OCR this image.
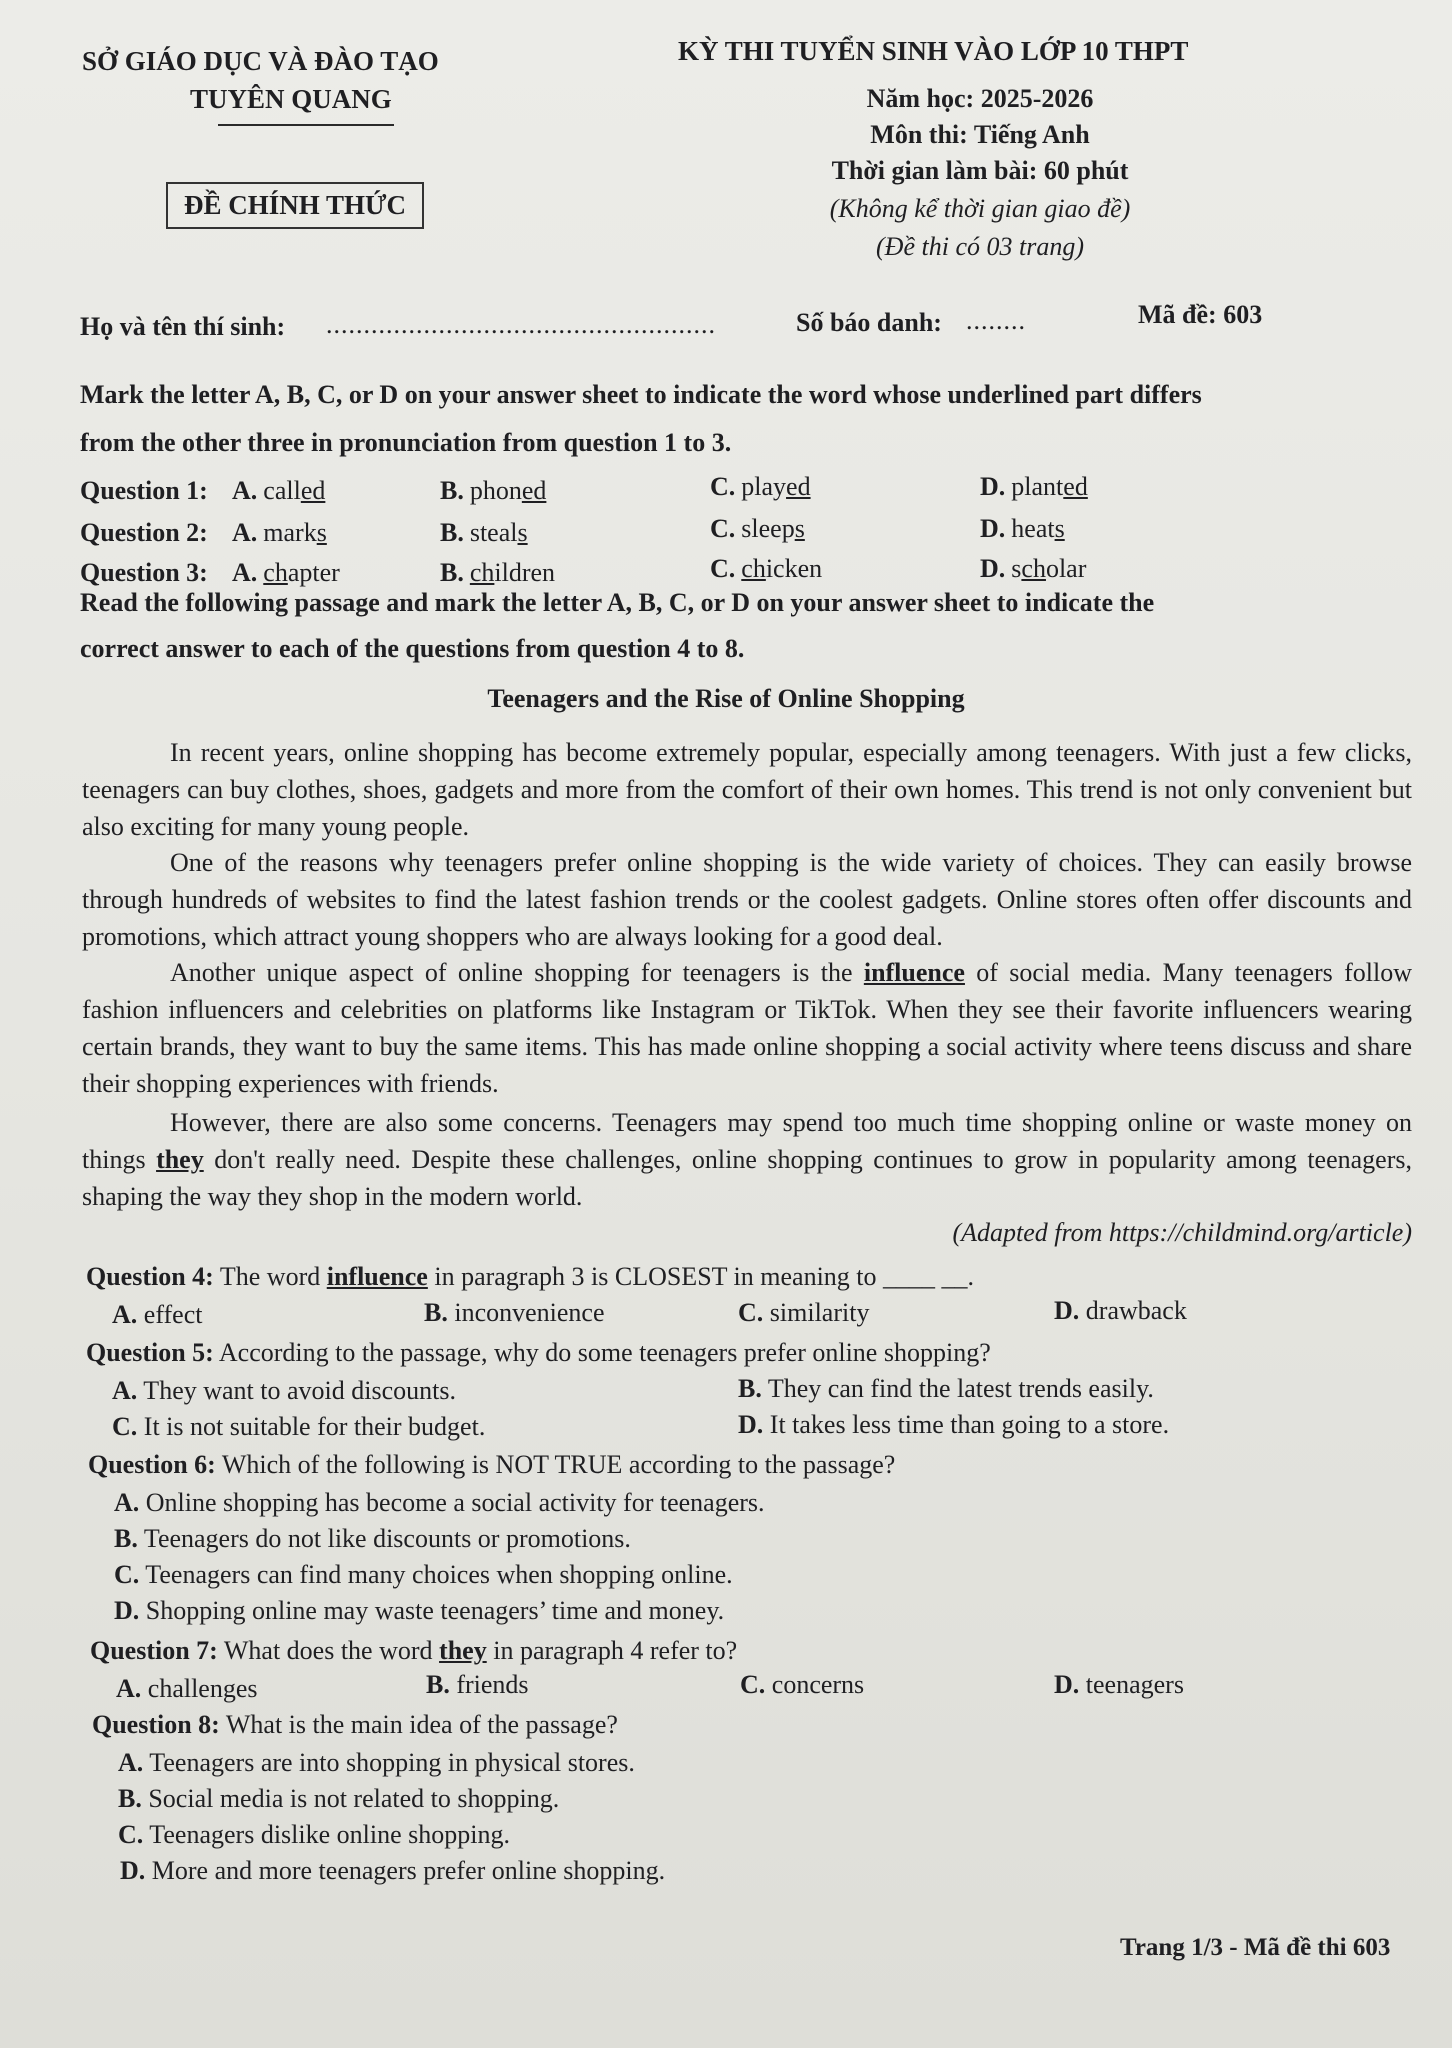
SỞ GIÁO DỤC VÀ ĐÀO TẠO
TUYÊN QUANG
ĐỀ CHÍNH THỨC
KỲ THI TUYỂN SINH VÀO LỚP 10 THPT
Năm học: 2025-2026
Môn thi: Tiếng Anh
Thời gian làm bài: 60 phút
(Không kể thời gian giao đề)
(Đề thi có 03 trang)
Họ và tên thí sinh: ....................................................	Số báo danh: ........	Mã đề: 603
Mark the letter A, B, C, or D on your answer sheet to indicate the word whose underlined part differs
from the other three in pronunciation from question 1 to 3.
Question 1: A. called	B. phoned	C. played	D. planted
Question 2: A. marks	B. steals	C. sleeps	D. heats
Question 3: A. chapter	B. children	C. chicken	D. scholar
Read the following passage and mark the letter A, B, C, or D on your answer sheet to indicate the
correct answer to each of the questions from question 4 to 8.
Teenagers and the Rise of Online Shopping
In recent years, online shopping has become extremely popular, especially among teenagers. With just a few clicks, teenagers can buy clothes, shoes, gadgets and more from the comfort of their own homes. This trend is not only convenient but also exciting for many young people.
One of the reasons why teenagers prefer online shopping is the wide variety of choices. They can easily browse through hundreds of websites to find the latest fashion trends or the coolest gadgets. Online stores often offer discounts and promotions, which attract young shoppers who are always looking for a good deal.
Another unique aspect of online shopping for teenagers is the influence of social media. Many teenagers follow fashion influencers and celebrities on platforms like Instagram or TikTok. When they see their favorite influencers wearing certain brands, they want to buy the same items. This has made online shopping a social activity where teens discuss and share their shopping experiences with friends.
However, there are also some concerns. Teenagers may spend too much time shopping online or waste money on things they don't really need. Despite these challenges, online shopping continues to grow in popularity among teenagers, shaping the way they shop in the modern world.
(Adapted from https://childmind.org/article)
Question 4: The word influence in paragraph 3 is CLOSEST in meaning to ____ __.
A. effect	B. inconvenience	C. similarity	D. drawback
Question 5: According to the passage, why do some teenagers prefer online shopping?
A. They want to avoid discounts.	B. They can find the latest trends easily.
C. It is not suitable for their budget.	D. It takes less time than going to a store.
Question 6: Which of the following is NOT TRUE according to the passage?
A. Online shopping has become a social activity for teenagers.
B. Teenagers do not like discounts or promotions.
C. Teenagers can find many choices when shopping online.
D. Shopping online may waste teenagers’ time and money.
Question 7: What does the word they in paragraph 4 refer to?
A. challenges	B. friends	C. concerns	D. teenagers
Question 8: What is the main idea of the passage?
A. Teenagers are into shopping in physical stores.
B. Social media is not related to shopping.
C. Teenagers dislike online shopping.
D. More and more teenagers prefer online shopping.
Trang 1/3 - Mã đề thi 603
